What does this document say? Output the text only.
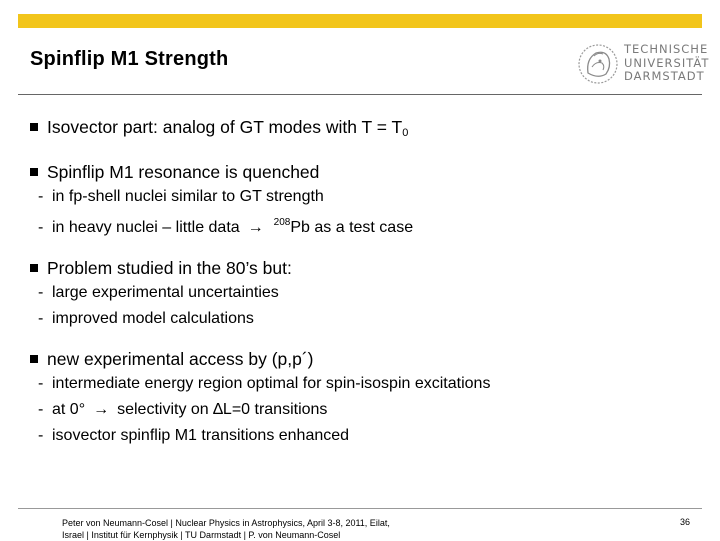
Spinflip M1 Strength	TECHNISCHE
UNIVERSITÄT
DARMSTADT
Isovector part: analog of GT modes with $T = T_0$
Spinflip M1 resonance is quenched
- in fp-shell nuclei similar to GT strength
- in heavy nuclei – little data → $^{208}$Pb as a test case
Problem studied in the 80’s but:
- large experimental uncertainties
- improved model calculations
new experimental access by (p,p´)
- intermediate energy region optimal for spin-isospin excitations
- at 0° → selectivity on ∆L=0 transitions
- isovector spinflip M1 transitions enhanced
Peter von Neumann-Cosel | Nuclear Physics in Astrophysics, April 3-8, 2011, Eilat,
Israel | Institut für Kernphysik | TU Darmstadt | P. von Neumann-Cosel
36
